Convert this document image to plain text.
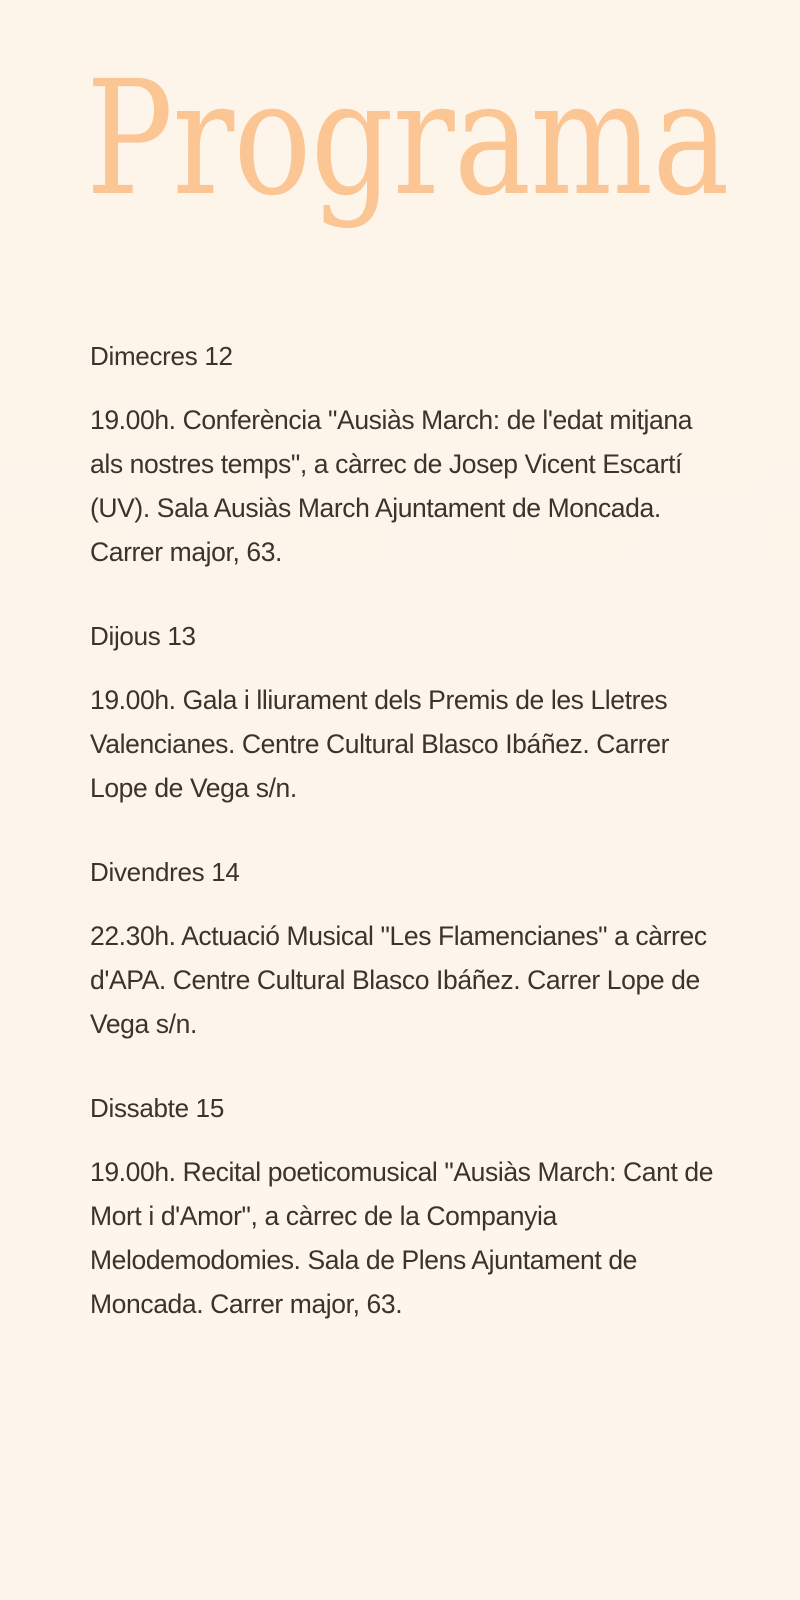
Programa

Dimecres 12

19.00h. Conferència "Ausiàs March: de l'edat mitjana als nostres temps", a càrrec de Josep Vicent Escartí (UV). Sala Ausiàs March Ajuntament de Moncada. Carrer major, 63.

Dijous 13

19.00h. Gala i lliurament dels Premis de les Lletres Valencianes. Centre Cultural Blasco Ibáñez. Carrer Lope de Vega s/n.

Divendres 14

22.30h. Actuació Musical "Les Flamencianes" a càrrec d'APA. Centre Cultural Blasco Ibáñez. Carrer Lope de Vega s/n.

Dissabte 15

19.00h. Recital poeticomusical "Ausiàs March: Cant de Mort i d'Amor", a càrrec de la Companyia Melodemodomies. Sala de Plens Ajuntament de Moncada. Carrer major, 63.
